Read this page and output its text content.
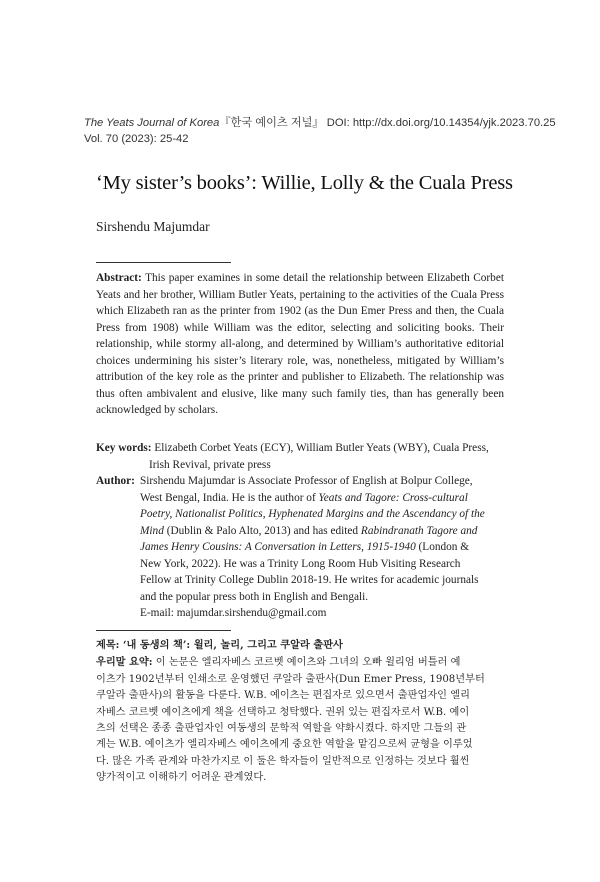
The Yeats Journal of Korea『한국 예이츠 저널』 DOI: http://dx.doi.org/10.14354/yjk.2023.70.25
Vol. 70 (2023): 25-42
‘My sister’s books’: Willie, Lolly & the Cuala Press
Sirshendu Majumdar
Abstract: This paper examines in some detail the relationship between Elizabeth Corbet Yeats and her brother, William Butler Yeats, pertaining to the activities of the Cuala Press which Elizabeth ran as the printer from 1902 (as the Dun Emer Press and then, the Cuala Press from 1908) while William was the editor, selecting and soliciting books. Their relationship, while stormy all-along, and determined by William’s authoritative editorial choices undermining his sister’s literary role, was, nonetheless, mitigated by William’s attribution of the key role as the printer and publisher to Elizabeth. The relationship was thus often ambivalent and elusive, like many such family ties, than has generally been acknowledged by scholars.
Key words: Elizabeth Corbet Yeats (ECY), William Butler Yeats (WBY), Cuala Press,
Irish Revival, private press
Author: Sirshendu Majumdar is Associate Professor of English at Bolpur College,
West Bengal, India. He is the author of Yeats and Tagore: Cross-cultural
Poetry, Nationalist Politics, Hyphenated Margins and the Ascendancy of the
Mind (Dublin & Palo Alto, 2013) and has edited Rabindranath Tagore and
James Henry Cousins: A Conversation in Letters, 1915-1940 (London &
New York, 2022). He was a Trinity Long Room Hub Visiting Research
Fellow at Trinity College Dublin 2018-19. He writes for academic journals
and the popular press both in English and Bengali.
E-mail: majumdar.sirshendu@gmail.com
제목: ‘내 동생의 책’: 윌리, 놀리, 그리고 쿠알라 출판사
우리말 요약: 이 논문은 엘리자베스 코르벳 예이츠와 그녀의 오빠 윌리엄 버틀러 예
이츠가 1902년부터 인쇄소로 운영했던 쿠알라 출판사(Dun Emer Press, 1908년부터
쿠알라 출판사)의 활동을 다룬다. W.B. 예이츠는 편집자로 있으면서 출판업자인 엘리
자베스 코르벳 예이츠에게 책을 선택하고 청탁했다. 권위 있는 편집자로서 W.B. 예이
츠의 선택은 종종 출판업자인 여동생의 문학적 역할을 약화시켰다. 하지만 그들의 관
계는 W.B. 예이츠가 엘리자베스 예이츠에게 중요한 역할을 맡김으로써 균형을 이루었
다. 많은 가족 관계와 마찬가지로 이 둘은 학자들이 일반적으로 인정하는 것보다 훨씬
양가적이고 이해하기 어려운 관계였다.
